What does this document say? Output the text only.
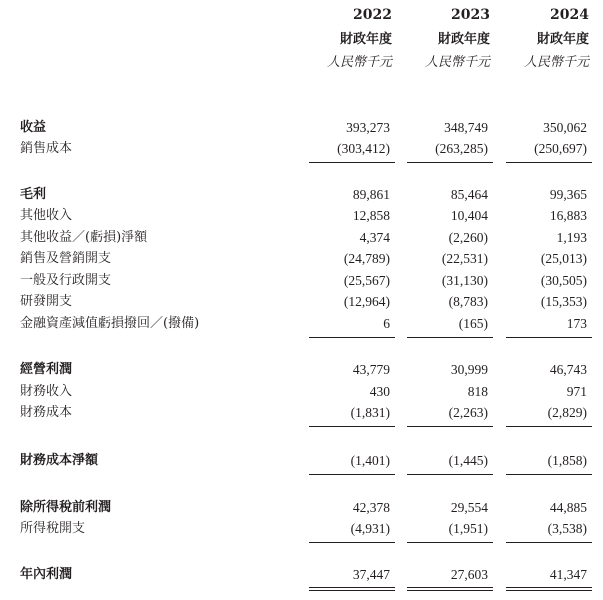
2022	2023	2024
財政年度	財政年度	財政年度
人民幣千元	人民幣千元	人民幣千元
收益	393,273	348,749	350,062
銷售成本	(303,412)	(263,285)	(250,697)
毛利	89,861	85,464	99,365
其他收入	12,858	10,404	16,883
其他收益／(虧損)淨額	4,374	(2,260)	1,193
銷售及營銷開支	(24,789)	(22,531)	(25,013)
一般及行政開支	(25,567)	(31,130)	(30,505)
研發開支	(12,964)	(8,783)	(15,353)
金融資產減值虧損撥回／(撥備)	6	(165)	173
經營利潤	43,779	30,999	46,743
財務收入	430	818	971
財務成本	(1,831)	(2,263)	(2,829)
財務成本淨額	(1,401)	(1,445)	(1,858)
除所得稅前利潤	42,378	29,554	44,885
所得稅開支	(4,931)	(1,951)	(3,538)
年內利潤	37,447	27,603	41,347
